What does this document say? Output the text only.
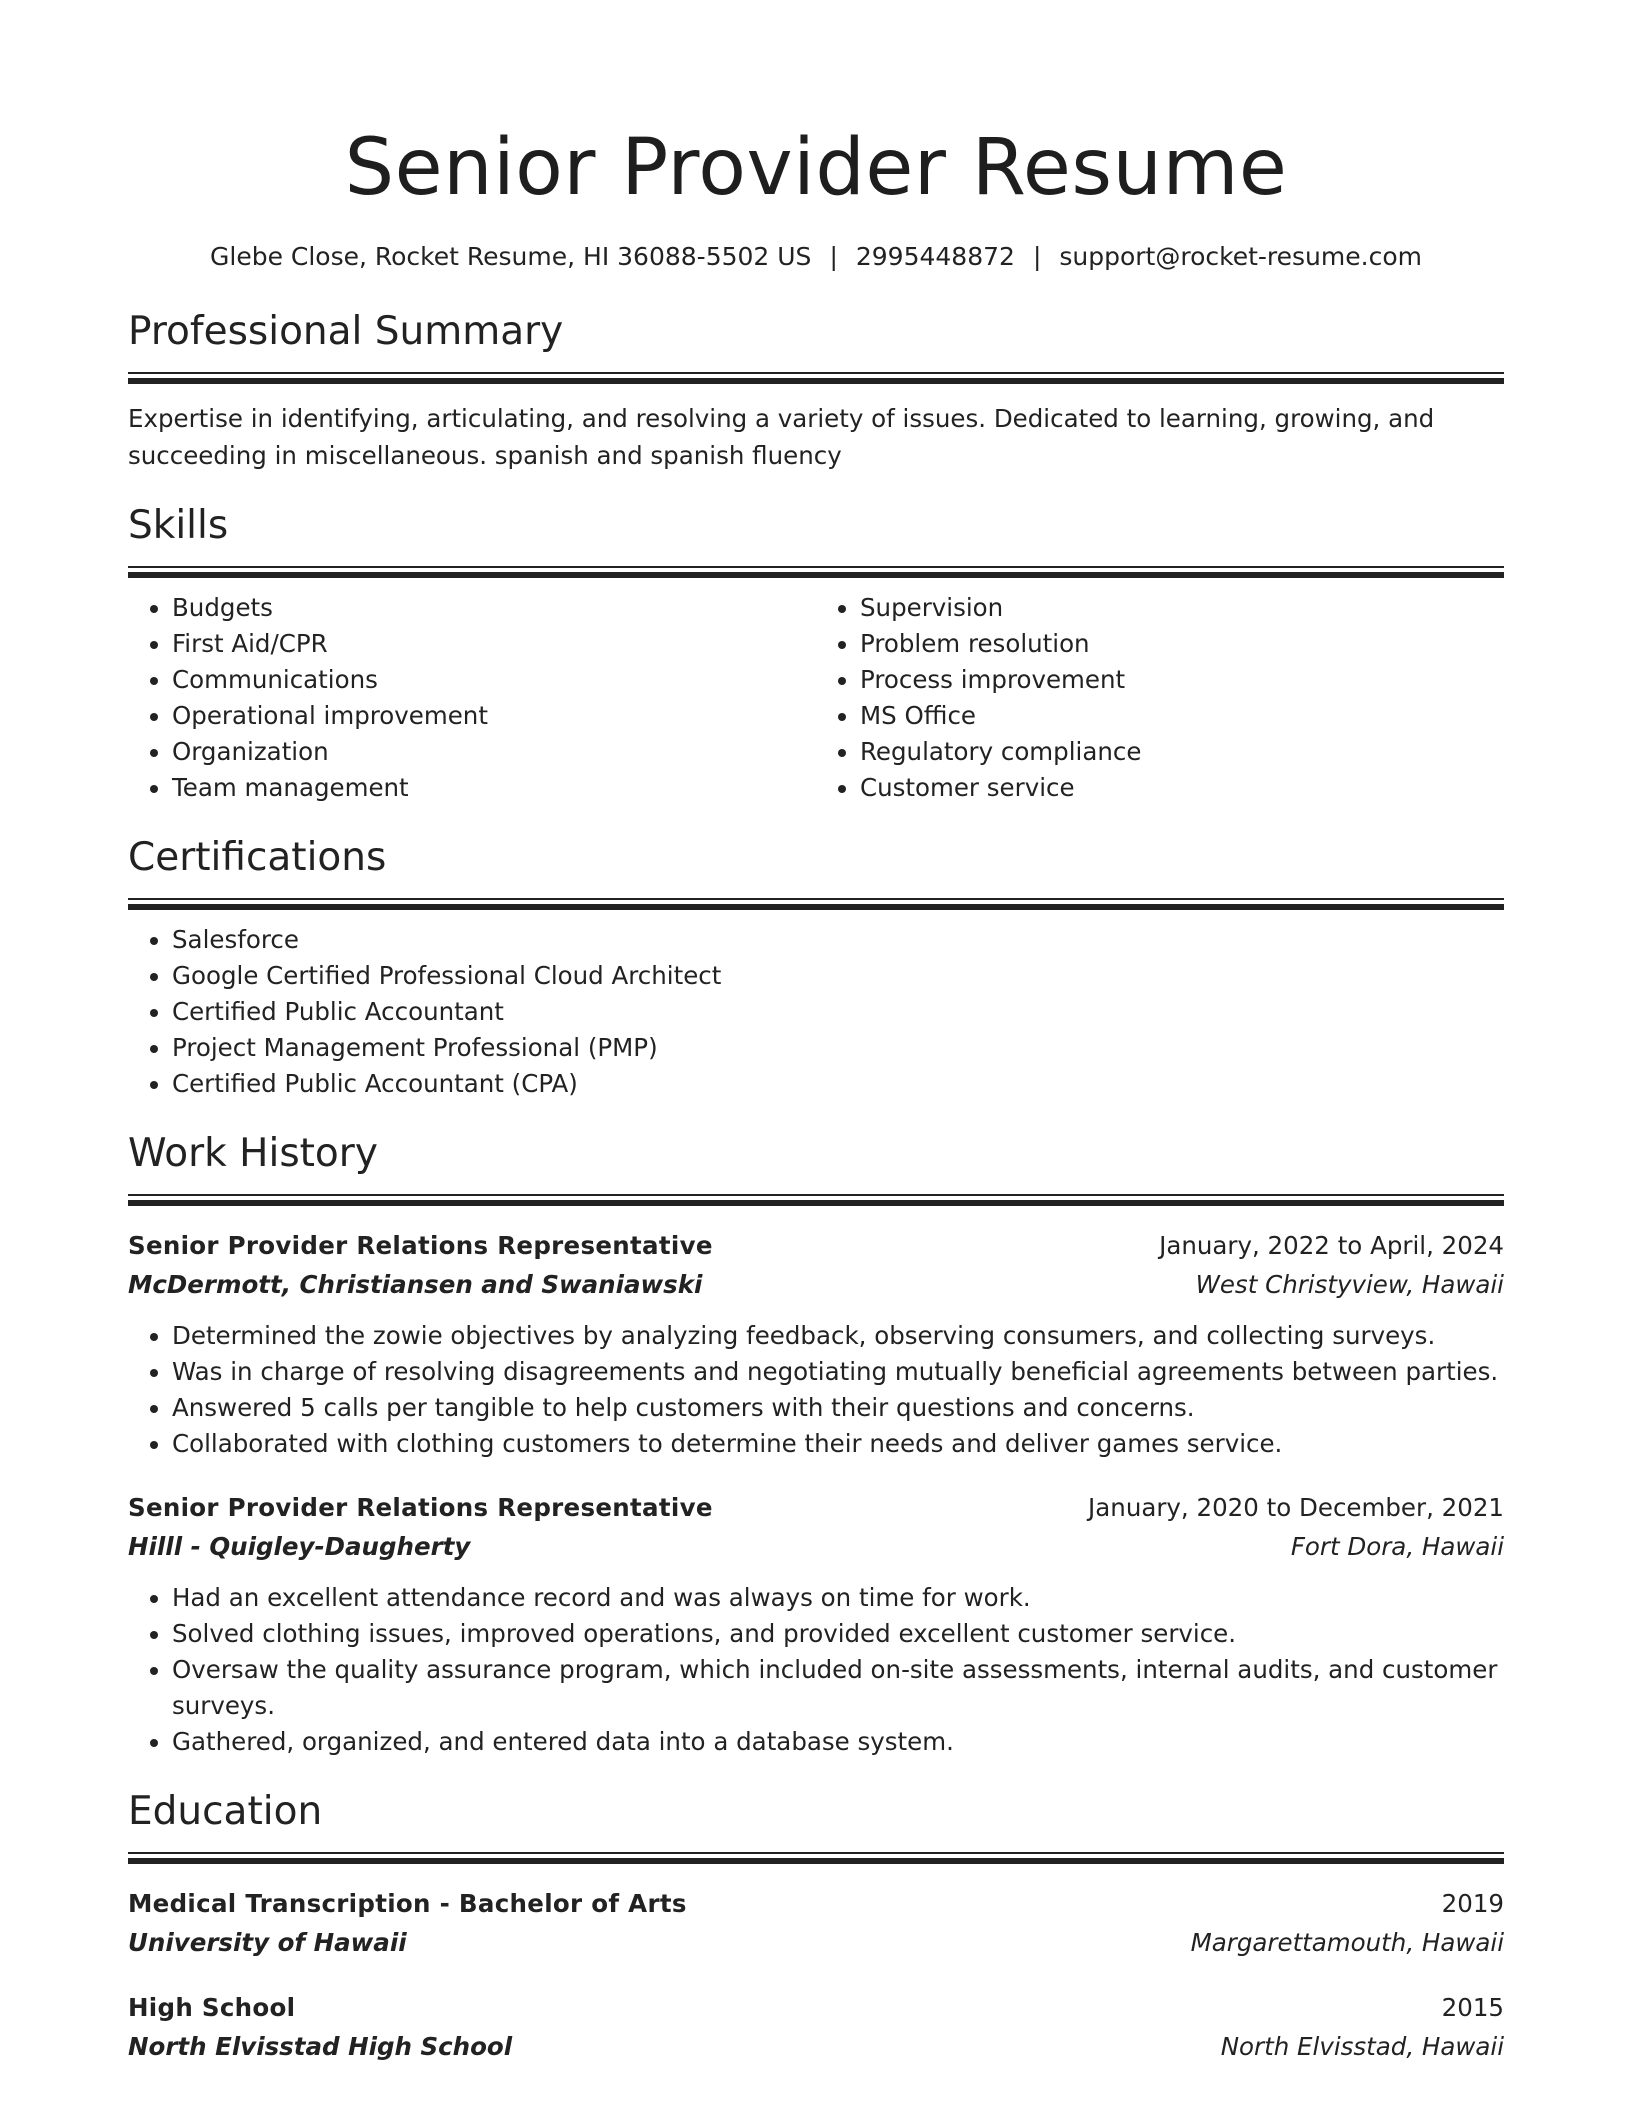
Senior Provider Resume
Glebe Close, Rocket Resume, HI 36088-5502 US | 2995448872 | support@rocket-resume.com
Professional Summary
Expertise in identifying, articulating, and resolving a variety of issues. Dedicated to learning, growing, and succeeding in miscellaneous. spanish and spanish fluency
Skills
• Budgets
• First Aid/CPR
• Communications
• Operational improvement
• Organization
• Team management
• Supervision
• Problem resolution
• Process improvement
• MS Office
• Regulatory compliance
• Customer service
Certifications
• Salesforce
• Google Certified Professional Cloud Architect
• Certified Public Accountant
• Project Management Professional (PMP)
• Certified Public Accountant (CPA)
Work History
Senior Provider Relations Representative	January, 2022 to April, 2024
McDermott, Christiansen and Swaniawski	West Christyview, Hawaii
• Determined the zowie objectives by analyzing feedback, observing consumers, and collecting surveys.
• Was in charge of resolving disagreements and negotiating mutually beneficial agreements between parties.
• Answered 5 calls per tangible to help customers with their questions and concerns.
• Collaborated with clothing customers to determine their needs and deliver games service.
Senior Provider Relations Representative	January, 2020 to December, 2021
Hilll - Quigley-Daugherty	Fort Dora, Hawaii
• Had an excellent attendance record and was always on time for work.
• Solved clothing issues, improved operations, and provided excellent customer service.
• Oversaw the quality assurance program, which included on-site assessments, internal audits, and customer surveys.
• Gathered, organized, and entered data into a database system.
Education
Medical Transcription - Bachelor of Arts	2019
University of Hawaii	Margarettamouth, Hawaii
High School	2015
North Elvisstad High School	North Elvisstad, Hawaii
